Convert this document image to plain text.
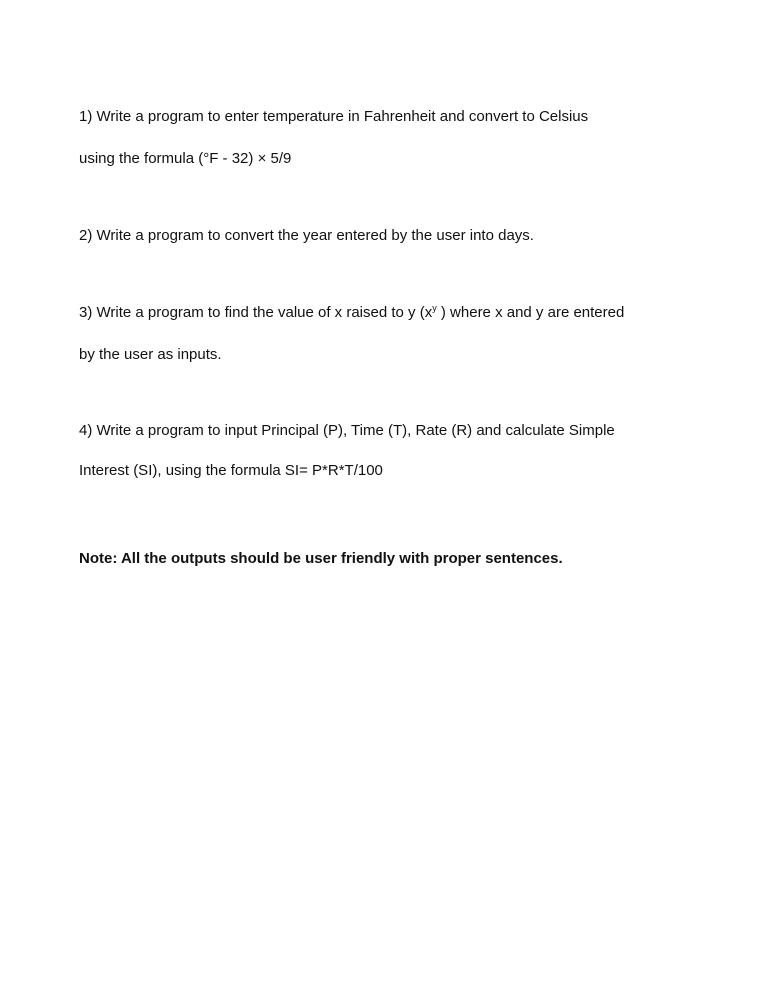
1) Write a program to enter temperature in Fahrenheit and convert to Celsius
using the formula (°F - 32) × 5/9
2) Write a program to convert the year entered by the user into days.
3) Write a program to find the value of x raised to y ($x^y$ ) where x and y are entered
by the user as inputs.
4) Write a program to input Principal (P), Time (T), Rate (R) and calculate Simple
Interest (SI), using the formula SI= P*R*T/100
Note: All the outputs should be user friendly with proper sentences.
